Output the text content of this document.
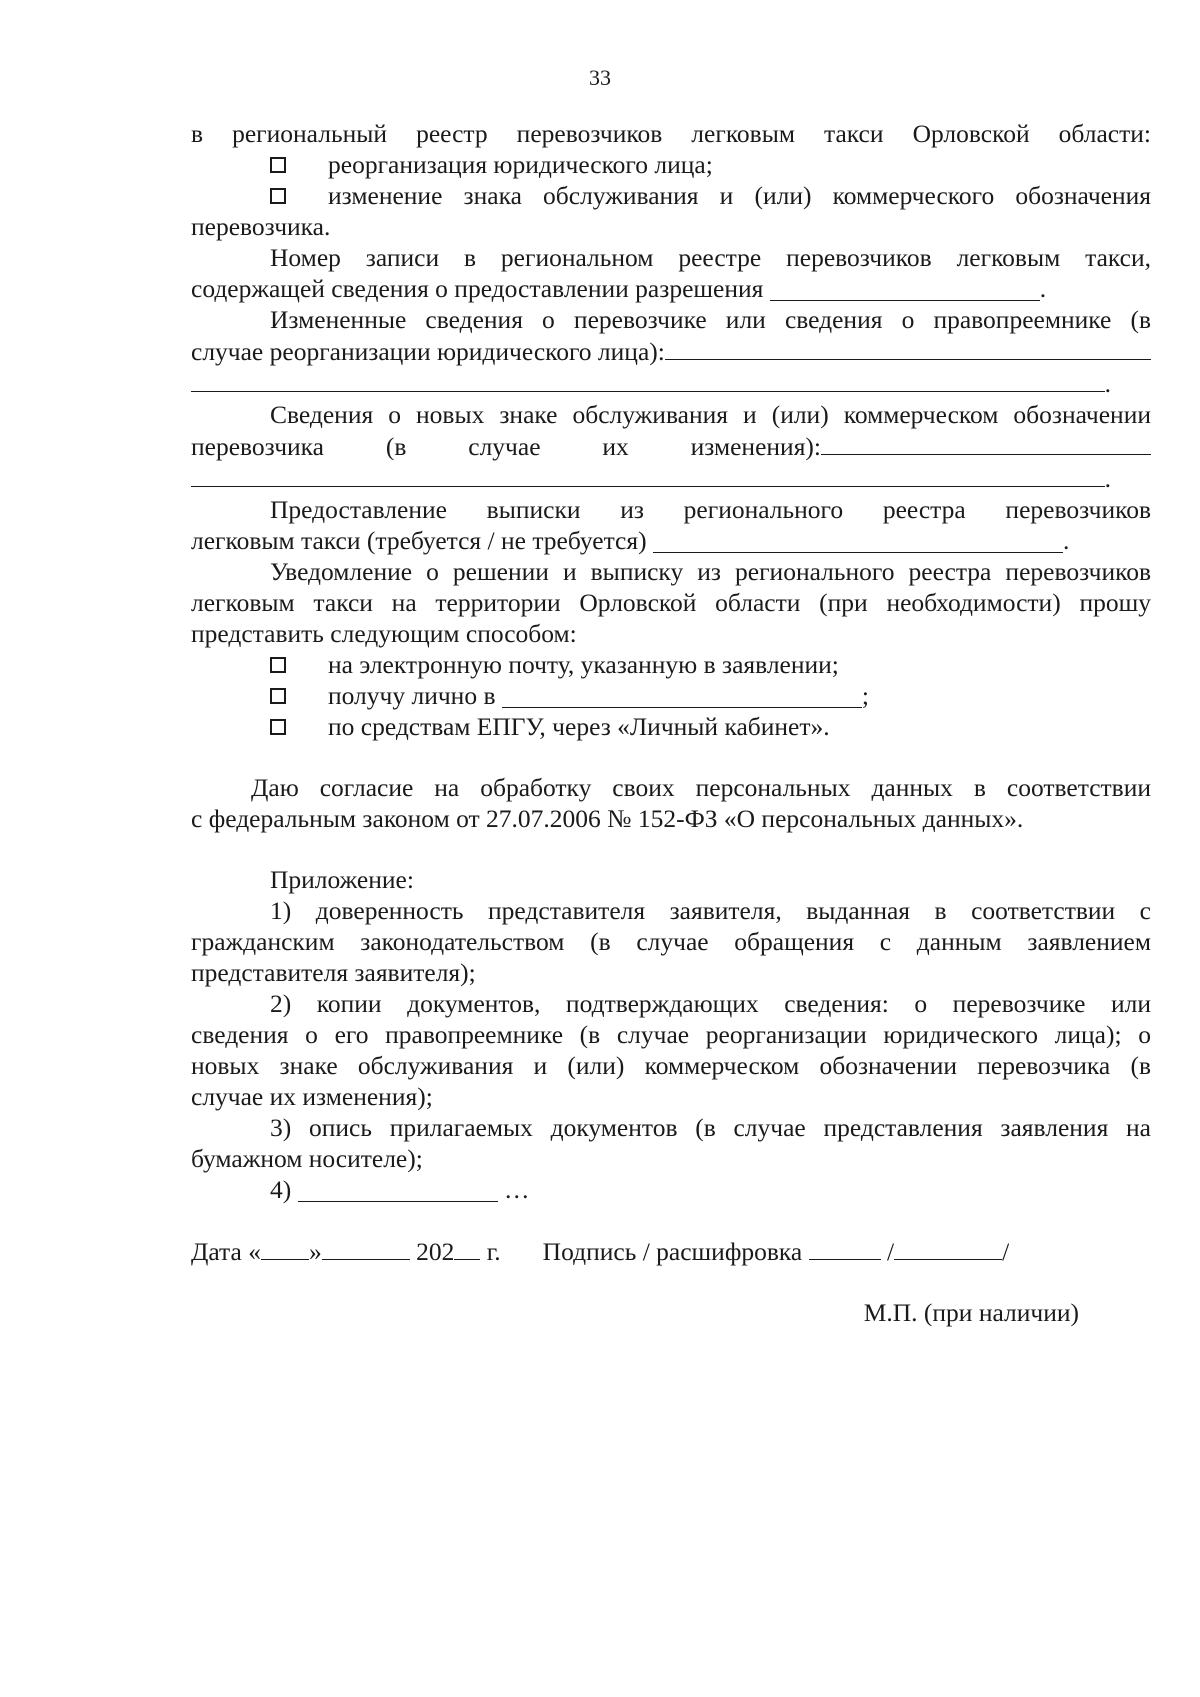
33

в региональный реестр перевозчиков легковым такси Орловской области:

реорганизация юридического лица;
изменение знака обслуживания и (или) коммерческого обозначения

перевозчика.

Номер записи в региональном реестре перевозчиков легковым такси,

содержащей сведения о предоставлении разрешения	.

Измененные сведения о перевозчике или сведения о правопреемнике (в

случае реорганизации юридического лица):
.

Сведения о новых знаке обслуживания и (или) коммерческом обозначении

перевозчика (в случае их изменения):
.

Предоставление выписки из регионального реестра перевозчиков

легковым такси (требуется / не требуется)	.

Уведомление о решении и выписку из регионального реестра перевозчиков

легковым такси на территории Орловской области (при необходимости) прошу

представить следующим способом:

на электронную почту, указанную в заявлении;
получу лично в	;
по средствам ЕПГУ, через «Личный кабинет».

Даю согласие на обработку своих персональных данных в соответствии

с федеральным законом от 27.07.2006 № 152-ФЗ «О персональных данных».

Приложение:

1) доверенность представителя заявителя, выданная в соответствии с

гражданским законодательством (в случае обращения с данным заявлением

представителя заявителя);

2) копии документов, подтверждающих сведения: о перевозчике или

сведения о его правопреемнике (в случае реорганизации юридического лица); о

новых знаке обслуживания и (или) коммерческом обозначении перевозчика (в

случае их изменения);

3) опись прилагаемых документов (в случае представления заявления на

бумажном носителе);

4)	…

Дата « »
	202
г. Подпись / расшифровка

	/	/

М.П. (при наличии)
